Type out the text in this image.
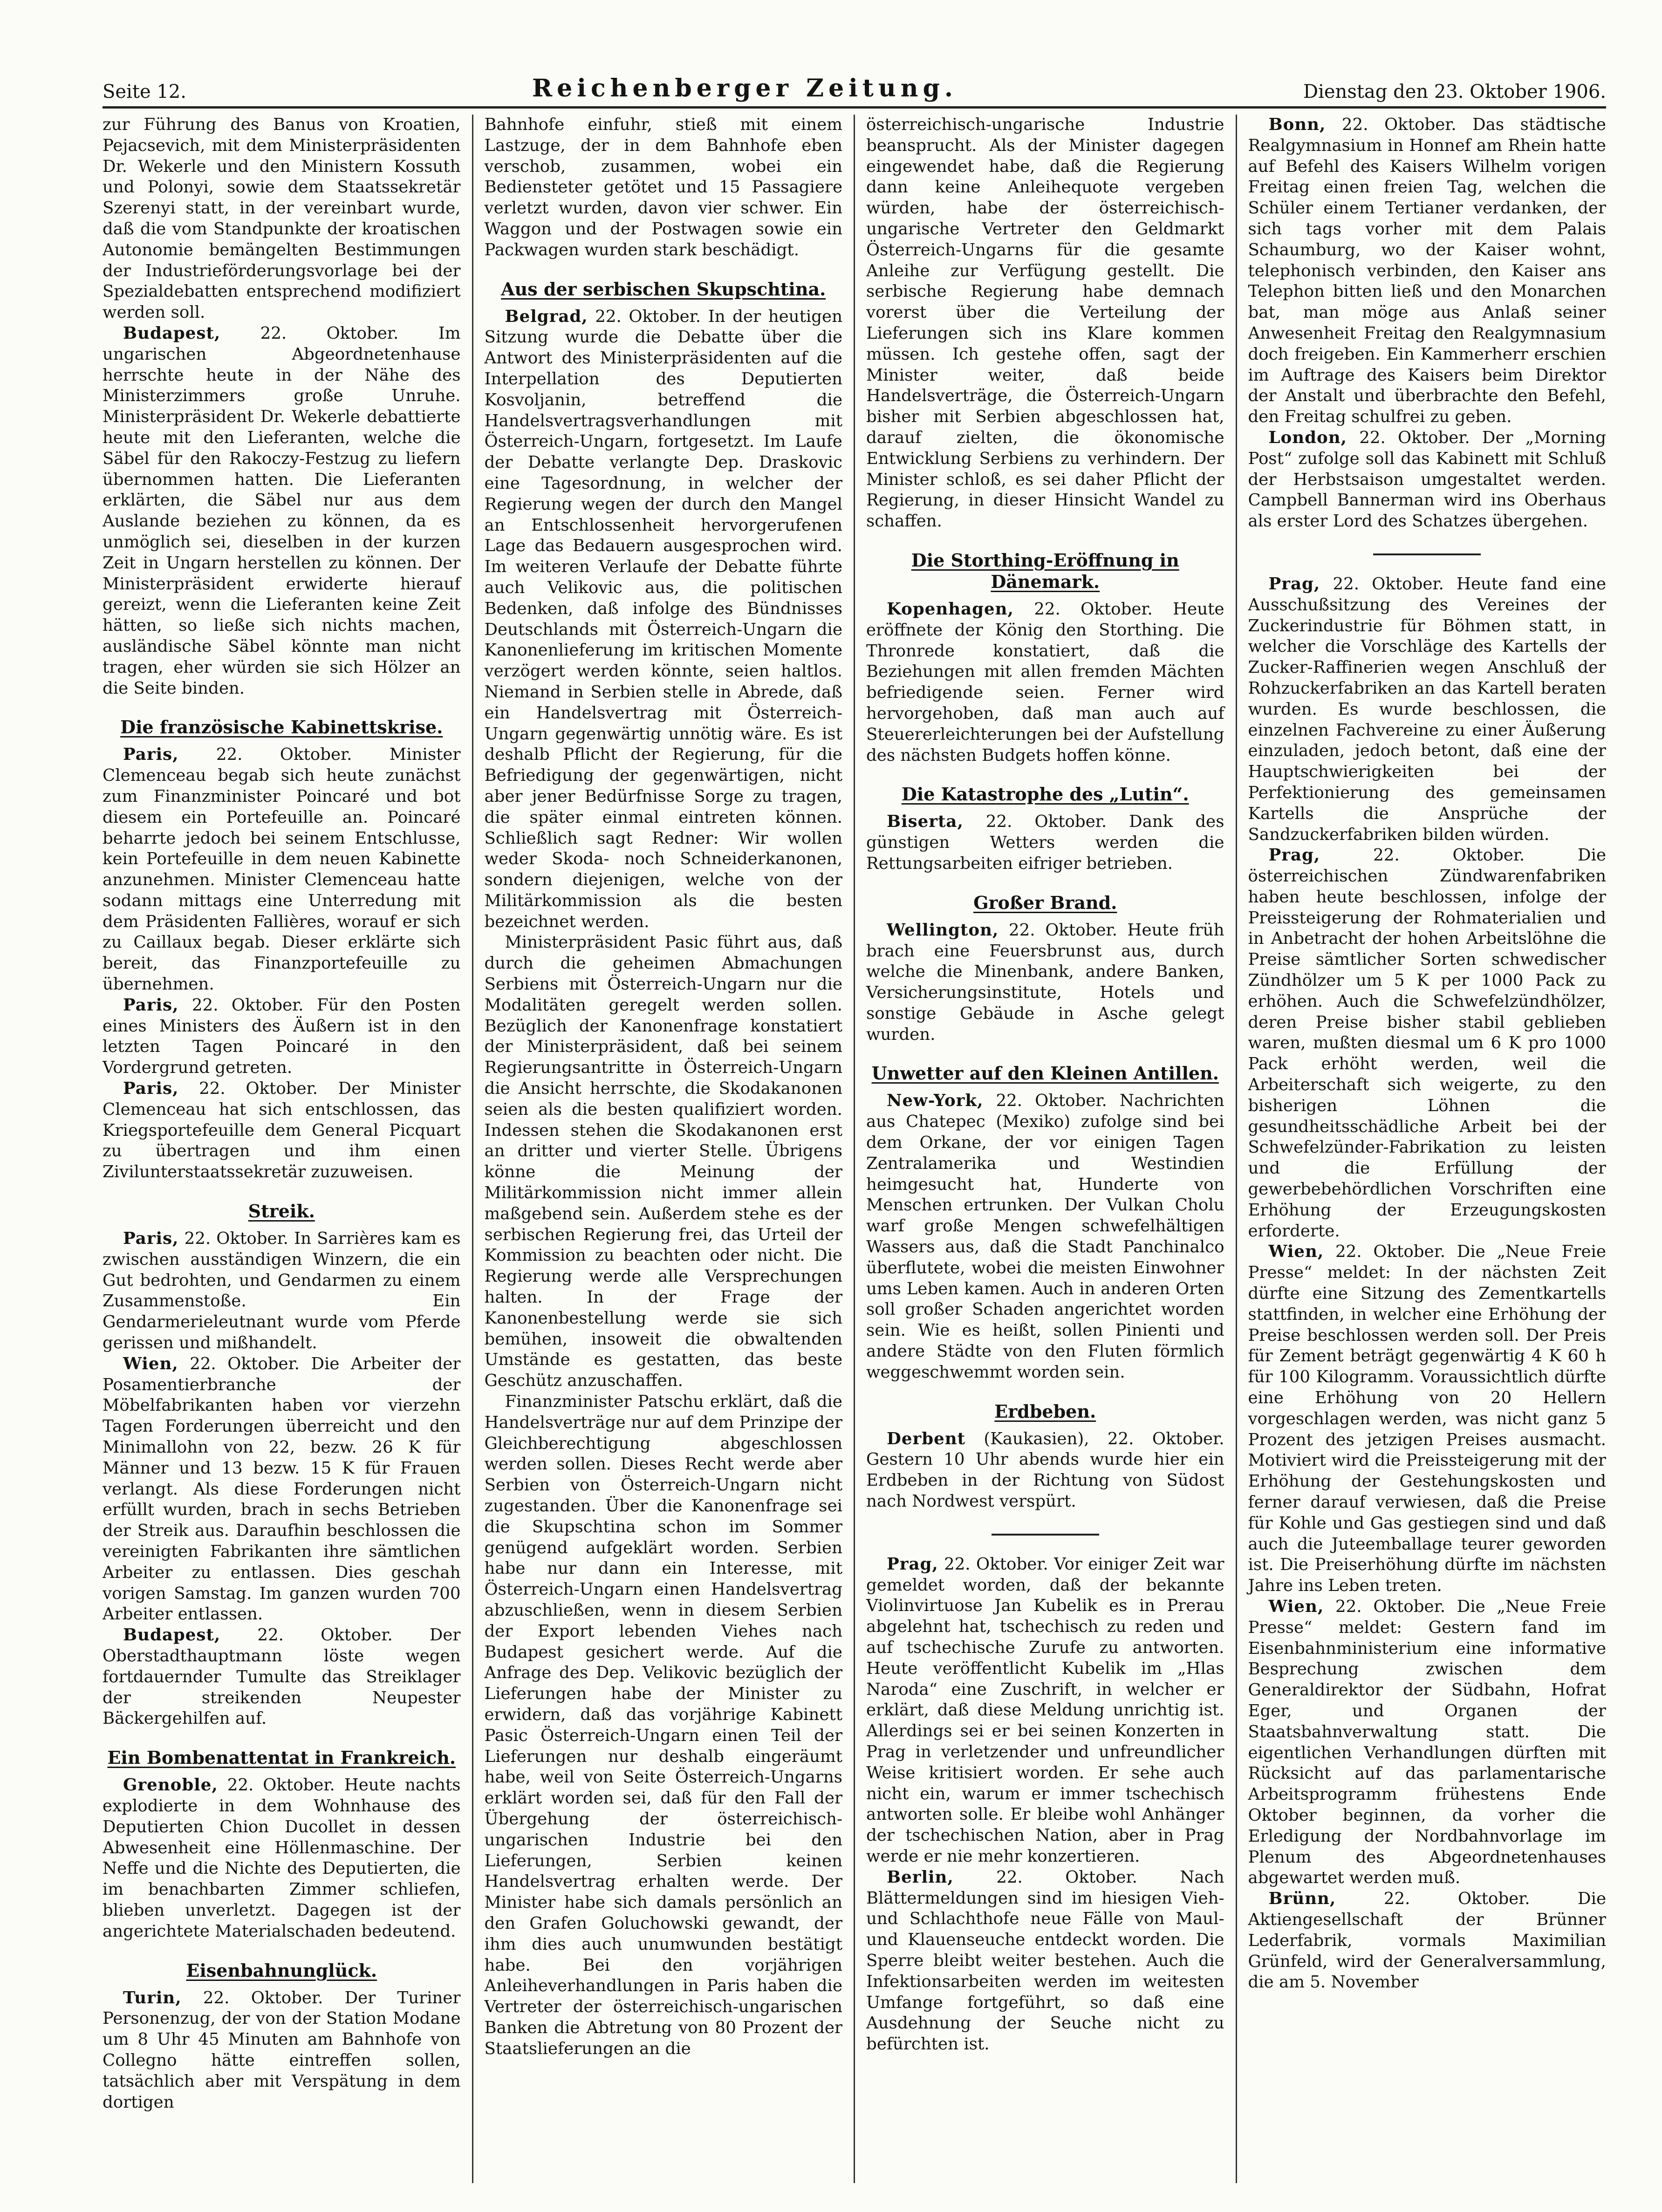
Seite 12.	Reichenberger Zeitung.	Dienstag den 23. Oktober 1906.

zur Führung des Banus von Kroatien, Pejacsevich, mit dem Ministerpräsidenten Dr. Wekerle und den Ministern Kossuth und Polonyi, sowie dem Staatssekretär Szerenyi statt, in der vereinbart wurde, daß die vom Standpunkte der kroatischen Autonomie bemängelten Bestimmungen der Industrieförderungsvorlage bei der Spezialdebatten entsprechend modifiziert werden soll.

Budapest, 22. Oktober. Im ungarischen Abgeordnetenhause herrschte heute in der Nähe des Ministerzimmers große Unruhe. Ministerpräsident Dr. Wekerle debattierte heute mit den Lieferanten, welche die Säbel für den Rakoczy-Festzug zu liefern übernommen hatten. Die Lieferanten erklärten, die Säbel nur aus dem Auslande beziehen zu können, da es unmöglich sei, dieselben in der kurzen Zeit in Ungarn herstellen zu können. Der Ministerpräsident erwiderte hierauf gereizt, wenn die Lieferanten keine Zeit hätten, so ließe sich nichts machen, ausländische Säbel könnte man nicht tragen, eher würden sie sich Hölzer an die Seite binden.

Die französische Kabinettskrise.

Paris, 22. Oktober. Minister Clemenceau begab sich heute zunächst zum Finanzminister Poincaré und bot diesem ein Portefeuille an. Poincaré beharrte jedoch bei seinem Entschlusse, kein Portefeuille in dem neuen Kabinette anzunehmen. Minister Clemenceau hatte sodann mittags eine Unterredung mit dem Präsidenten Fallières, worauf er sich zu Caillaux begab. Dieser erklärte sich bereit, das Finanzportefeuille zu übernehmen.

Paris, 22. Oktober. Für den Posten eines Ministers des Äußern ist in den letzten Tagen Poincaré in den Vordergrund getreten.

Paris, 22. Oktober. Der Minister Clemenceau hat sich entschlossen, das Kriegsportefeuille dem General Picquart zu übertragen und ihm einen Zivilunterstaatssekretär zuzuweisen.

Streik.

Paris, 22. Oktober. In Sarrières kam es zwischen ausständigen Winzern, die ein Gut bedrohten, und Gendarmen zu einem Zusammenstoße. Ein Gendarmerieleutnant wurde vom Pferde gerissen und mißhandelt.

Wien, 22. Oktober. Die Arbeiter der Posamentierbranche der Möbelfabrikanten haben vor vierzehn Tagen Forderungen überreicht und den Minimallohn von 22, bezw. 26 K für Männer und 13 bezw. 15 K für Frauen verlangt. Als diese Forderungen nicht erfüllt wurden, brach in sechs Betrieben der Streik aus. Daraufhin beschlossen die vereinigten Fabrikanten ihre sämtlichen Arbeiter zu entlassen. Dies geschah vorigen Samstag. Im ganzen wurden 700 Arbeiter entlassen.

Budapest, 22. Oktober. Der Oberstadthauptmann löste wegen fortdauernder Tumulte das Streiklager der streikenden Neupester Bäckergehilfen auf.

Ein Bombenattentat in Frankreich.

Grenoble, 22. Oktober. Heute nachts explodierte in dem Wohnhause des Deputierten Chion Ducollet in dessen Abwesenheit eine Höllenmaschine. Der Neffe und die Nichte des Deputierten, die im benachbarten Zimmer schliefen, blieben unverletzt. Dagegen ist der angerichtete Materialschaden bedeutend.

Eisenbahnunglück.

Turin, 22. Oktober. Der Turiner Personenzug, der von der Station Modane um 8 Uhr 45 Minuten am Bahnhofe von Collegno hätte eintreffen sollen, tatsächlich aber mit Verspätung in dem dortigen

Bahnhofe einfuhr, stieß mit einem Lastzuge, der in dem Bahnhofe eben verschob, zusammen, wobei ein Bediensteter getötet und 15 Passagiere verletzt wurden, davon vier schwer. Ein Waggon und der Postwagen sowie ein Packwagen wurden stark beschädigt.

Aus der serbischen Skupschtina.

Belgrad, 22. Oktober. In der heutigen Sitzung wurde die Debatte über die Antwort des Ministerpräsidenten auf die Interpellation des Deputierten Kosvoljanin, betreffend die Handelsvertragsverhandlungen mit Österreich-Ungarn, fortgesetzt. Im Laufe der Debatte verlangte Dep. Draskovic eine Tagesordnung, in welcher der Regierung wegen der durch den Mangel an Entschlossenheit hervorgerufenen Lage das Bedauern ausgesprochen wird. Im weiteren Verlaufe der Debatte führte auch Velikovic aus, die politischen Bedenken, daß infolge des Bündnisses Deutschlands mit Österreich-Ungarn die Kanonenlieferung im kritischen Momente verzögert werden könnte, seien haltlos. Niemand in Serbien stelle in Abrede, daß ein Handelsvertrag mit Österreich-Ungarn gegenwärtig unnötig wäre. Es ist deshalb Pflicht der Regierung, für die Befriedigung der gegenwärtigen, nicht aber jener Bedürfnisse Sorge zu tragen, die später einmal eintreten können. Schließlich sagt Redner: Wir wollen weder Skoda- noch Schneiderkanonen, sondern diejenigen, welche von der Militärkommission als die besten bezeichnet werden.

Ministerpräsident Pasic führt aus, daß durch die geheimen Abmachungen Serbiens mit Österreich-Ungarn nur die Modalitäten geregelt werden sollen. Bezüglich der Kanonenfrage konstatiert der Ministerpräsident, daß bei seinem Regierungsantritte in Österreich-Ungarn die Ansicht herrschte, die Skodakanonen seien als die besten qualifiziert worden. Indessen stehen die Skodakanonen erst an dritter und vierter Stelle. Übrigens könne die Meinung der Militärkommission nicht immer allein maßgebend sein. Außerdem stehe es der serbischen Regierung frei, das Urteil der Kommission zu beachten oder nicht. Die Regierung werde alle Versprechungen halten. In der Frage der Kanonenbestellung werde sie sich bemühen, insoweit die obwaltenden Umstände es gestatten, das beste Geschütz anzuschaffen.

Finanzminister Patschu erklärt, daß die Handelsverträge nur auf dem Prinzipe der Gleichberechtigung abgeschlossen werden sollen. Dieses Recht werde aber Serbien von Österreich-Ungarn nicht zugestanden. Über die Kanonenfrage sei die Skupschtina schon im Sommer genügend aufgeklärt worden. Serbien habe nur dann ein Interesse, mit Österreich-Ungarn einen Handelsvertrag abzuschließen, wenn in diesem Serbien der Export lebenden Viehes nach Budapest gesichert werde. Auf die Anfrage des Dep. Velikovic bezüglich der Lieferungen habe der Minister zu erwidern, daß das vorjährige Kabinett Pasic Österreich-Ungarn einen Teil der Lieferungen nur deshalb eingeräumt habe, weil von Seite Österreich-Ungarns erklärt worden sei, daß für den Fall der Übergehung der österreichisch-ungarischen Industrie bei den Lieferungen, Serbien keinen Handelsvertrag erhalten werde. Der Minister habe sich damals persönlich an den Grafen Goluchowski gewandt, der ihm dies auch unumwunden bestätigt habe. Bei den vorjährigen Anleiheverhandlungen in Paris haben die Vertreter der österreichisch-ungarischen Banken die Abtretung von 80 Prozent der Staatslieferungen an die

österreichisch-ungarische Industrie beansprucht. Als der Minister dagegen eingewendet habe, daß die Regierung dann keine Anleihequote vergeben würden, habe der österreichisch-ungarische Vertreter den Geldmarkt Österreich-Ungarns für die gesamte Anleihe zur Verfügung gestellt. Die serbische Regierung habe demnach vorerst über die Verteilung der Lieferungen sich ins Klare kommen müssen. Ich gestehe offen, sagt der Minister weiter, daß beide Handelsverträge, die Österreich-Ungarn bisher mit Serbien abgeschlossen hat, darauf zielten, die ökonomische Entwicklung Serbiens zu verhindern. Der Minister schloß, es sei daher Pflicht der Regierung, in dieser Hinsicht Wandel zu schaffen.

Die Storthing-Eröffnung in Dänemark.

Kopenhagen, 22. Oktober. Heute eröffnete der König den Storthing. Die Thronrede konstatiert, daß die Beziehungen mit allen fremden Mächten befriedigende seien. Ferner wird hervorgehoben, daß man auch auf Steuererleichterungen bei der Aufstellung des nächsten Budgets hoffen könne.

Die Katastrophe des „Lutin“.

Biserta, 22. Oktober. Dank des günstigen Wetters werden die Rettungsarbeiten eifriger betrieben.

Großer Brand.

Wellington, 22. Oktober. Heute früh brach eine Feuersbrunst aus, durch welche die Minenbank, andere Banken, Versicherungsinstitute, Hotels und sonstige Gebäude in Asche gelegt wurden.

Unwetter auf den Kleinen Antillen.

New-York, 22. Oktober. Nachrichten aus Chatepec (Mexiko) zufolge sind bei dem Orkane, der vor einigen Tagen Zentralamerika und Westindien heimgesucht hat, Hunderte von Menschen ertrunken. Der Vulkan Cholu warf große Mengen schwefelhältigen Wassers aus, daß die Stadt Panchinalco überflutete, wobei die meisten Einwohner ums Leben kamen. Auch in anderen Orten soll großer Schaden angerichtet worden sein. Wie es heißt, sollen Pinienti und andere Städte von den Fluten förmlich weggeschwemmt worden sein.

Erdbeben.

Derbent (Kaukasien), 22. Oktober. Gestern 10 Uhr abends wurde hier ein Erdbeben in der Richtung von Südost nach Nordwest verspürt.

Prag, 22. Oktober. Vor einiger Zeit war gemeldet worden, daß der bekannte Violinvirtuose Jan Kubelik es in Prerau abgelehnt hat, tschechisch zu reden und auf tschechische Zurufe zu antworten. Heute veröffentlicht Kubelik im „Hlas Naroda“ eine Zuschrift, in welcher er erklärt, daß diese Meldung unrichtig ist. Allerdings sei er bei seinen Konzerten in Prag in verletzender und unfreundlicher Weise kritisiert worden. Er sehe auch nicht ein, warum er immer tschechisch antworten solle. Er bleibe wohl Anhänger der tschechischen Nation, aber in Prag werde er nie mehr konzertieren.

Berlin,	22. Oktober. Nach Blättermeldungen sind im hiesigen Vieh- und Schlachthofe neue Fälle von Maul- und Klauenseuche entdeckt worden. Die Sperre bleibt weiter bestehen. Auch die Infektionsarbeiten werden im weitesten Umfange fortgeführt, so daß eine Ausdehnung der Seuche nicht zu befürchten ist.

Bonn, 22. Oktober. Das städtische Realgymnasium in Honnef am Rhein hatte auf Befehl des Kaisers Wilhelm vorigen Freitag einen freien Tag, welchen die Schüler einem Tertianer verdanken, der sich tags vorher mit dem Palais Schaumburg, wo der Kaiser wohnt, telephonisch verbinden, den Kaiser ans Telephon bitten ließ und den Monarchen bat, man möge aus Anlaß seiner Anwesenheit Freitag den Realgymnasium doch freigeben. Ein Kammerherr erschien im Auftrage des Kaisers beim Direktor der Anstalt und überbrachte den Befehl, den Freitag schulfrei zu geben.

London, 22. Oktober. Der „Morning Post“ zufolge soll das Kabinett mit Schluß der Herbstsaison umgestaltet werden. Campbell Bannerman wird ins Oberhaus als erster Lord des Schatzes übergehen.

Prag, 22. Oktober. Heute fand eine Ausschußsitzung des Vereines der Zuckerindustrie für Böhmen statt, in welcher die Vorschläge des Kartells der Zucker-Raffinerien wegen Anschluß der Rohzuckerfabriken an das Kartell beraten wurden. Es wurde beschlossen, die einzelnen Fachvereine zu einer Äußerung einzuladen, jedoch betont, daß eine der Hauptschwierigkeiten bei der Perfektionierung des gemeinsamen Kartells die Ansprüche der Sandzuckerfabriken bilden würden.

Prag,	22. Oktober. Die österreichischen Zündwarenfabriken haben heute beschlossen, infolge der Preissteigerung der Rohmaterialien und in Anbetracht der hohen Arbeitslöhne die Preise sämtlicher Sorten schwedischer Zündhölzer um 5 K per 1000 Pack zu erhöhen. Auch die Schwefelzündhölzer, deren Preise bisher stabil geblieben waren, mußten diesmal um 6 K pro 1000 Pack erhöht werden, weil die Arbeiterschaft sich weigerte, zu den bisherigen Löhnen die gesundheitsschädliche Arbeit bei der Schwefelzünder-Fabrikation zu leisten und die Erfüllung der gewerbebehördlichen Vorschriften eine Erhöhung der Erzeugungskosten erforderte.

Wien, 22. Oktober. Die „Neue Freie Presse“ meldet: In der nächsten Zeit dürfte eine Sitzung des Zementkartells stattfinden, in welcher eine Erhöhung der Preise beschlossen werden soll. Der Preis für Zement beträgt gegenwärtig 4 K 60 h für 100 Kilogramm. Voraussichtlich dürfte eine Erhöhung von 20 Hellern vorgeschlagen werden, was nicht ganz 5 Prozent des jetzigen Preises ausmacht. Motiviert wird die Preissteigerung mit der Erhöhung der Gestehungskosten und ferner darauf verwiesen, daß die Preise für Kohle und Gas gestiegen sind und daß auch die Juteemballage teurer geworden ist. Die Preiserhöhung dürfte im nächsten Jahre ins Leben treten.

Wien, 22. Oktober. Die „Neue Freie Presse“ meldet: Gestern fand im Eisenbahnministerium eine informative Besprechung zwischen dem Generaldirektor der Südbahn, Hofrat Eger, und Organen der Staatsbahnverwaltung statt. Die eigentlichen Verhandlungen dürften mit Rücksicht auf das parlamentarische Arbeitsprogramm frühestens Ende Oktober beginnen, da vorher die Erledigung der Nordbahnvorlage im Plenum des Abgeordnetenhauses abgewartet werden muß.

Brünn,	22. Oktober. Die Aktiengesellschaft der Brünner Lederfabrik, vormals Maximilian Grünfeld, wird der Generalversammlung, die am 5. November
